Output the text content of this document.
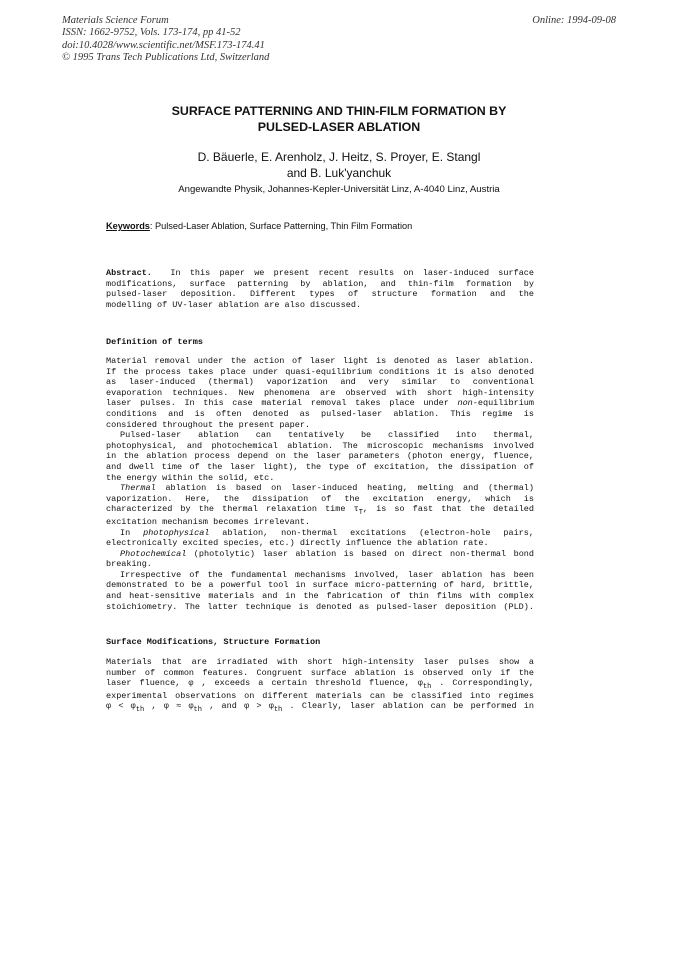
Materials Science Forum
ISSN: 1662-9752, Vols. 173-174, pp 41-52
doi:10.4028/www.scientific.net/MSF.173-174.41
© 1995 Trans Tech Publications Ltd, Switzerland
Online: 1994-09-08
SURFACE PATTERNING AND THIN-FILM FORMATION BY
PULSED-LASER ABLATION
D. Bäuerle, E. Arenholz, J. Heitz, S. Proyer, E. Stangl
and B. Luk'yanchuk
Angewandte Physik, Johannes-Kepler-Universität Linz, A-4040 Linz, Austria
Keywords: Pulsed-Laser Ablation, Surface Patterning, Thin Film Formation
Abstract. In this paper we present recent results on laser-induced surface
modifications, surface patterning by ablation, and thin-film formation by
pulsed-laser deposition. Different types of structure formation and the
modelling of UV-laser ablation are also discussed.
Definition of terms
Material removal under the action of laser light is denoted as laser ablation.
If the process takes place under quasi-equilibrium conditions it is also denoted
as laser-induced (thermal) vaporization and very similar to conventional
evaporation techniques. New phenomena are observed with short high-intensity
laser pulses. In this case material removal takes place under non-equilibrium
conditions and is often denoted as pulsed-laser ablation. This regime is
considered throughout the present paper.
Pulsed-laser ablation can tentatively be classified into thermal,
photophysical, and photochemical ablation. The microscopic mechanisms involved
in the ablation process depend on the laser parameters (photon energy, fluence,
and dwell time of the laser light), the type of excitation, the dissipation of
the energy within the solid, etc.
Thermal ablation is based on laser-induced heating, melting and (thermal)
vaporization. Here, the dissipation of the excitation energy, which is
characterized by the thermal relaxation time $\tau_T$, is so fast that the detailed
excitation mechanism becomes irrelevant.
In photophysical ablation, non-thermal excitations (electron-hole pairs,
electronically excited species, etc.) directly influence the ablation rate.
Photochemical (photolytic) laser ablation is based on direct non-thermal bond
breaking.
Irrespective of the fundamental mechanisms involved, laser ablation has been
demonstrated to be a powerful tool in surface micro-patterning of hard, brittle,
and heat-sensitive materials and in the fabrication of thin films with complex
stoichiometry. The latter technique is denoted as pulsed-laser deposition (PLD).
Surface Modifications, Structure Formation
Materials that are irradiated with short high-intensity laser pulses show a
number of common features. Congruent surface ablation is observed only if the
laser fluence, φ , exceeds a certain threshold fluence, $\varphi_{th}$ . Correspondingly,
experimental observations on different materials can be classified into regimes
$\varphi < \varphi_{th}$ , $\varphi \approx \varphi_{th}$ , and $\varphi > \varphi_{th}$ . Clearly, laser ablation can be performed in
